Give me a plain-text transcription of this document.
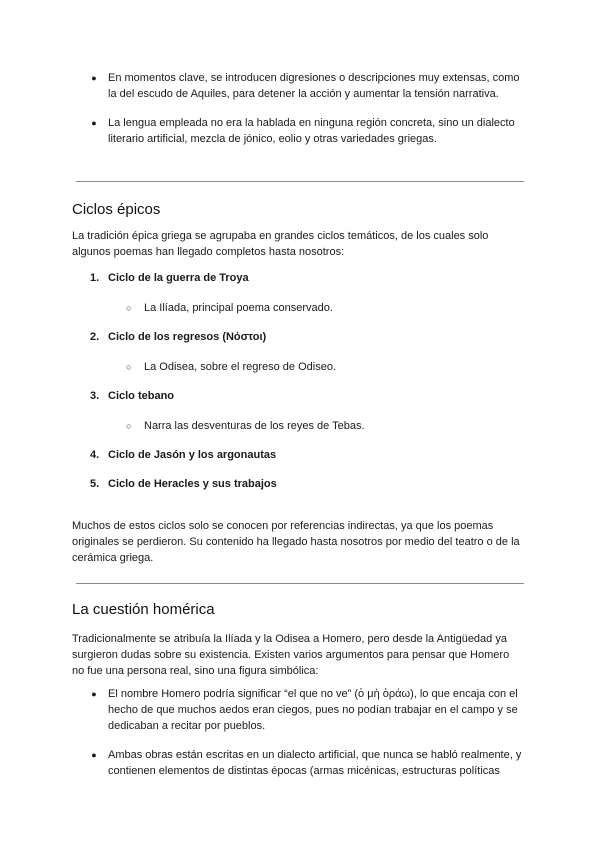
● En momentos clave, se introducen digresiones o descripciones muy extensas, como la del escudo de Aquiles, para detener la acción y aumentar la tensión narrativa.
● La lengua empleada no era la hablada en ninguna región concreta, sino un dialecto literario artificial, mezcla de jónico, eolio y otras variedades griegas.
Ciclos épicos
La tradición épica griega se agrupaba en grandes ciclos temáticos, de los cuales solo algunos poemas han llegado completos hasta nosotros:
1. Ciclo de la guerra de Troya
○ La Ilíada, principal poema conservado.
2. Ciclo de los regresos (Νόστοι)
○ La Odisea, sobre el regreso de Odiseo.
3. Ciclo tebano
○ Narra las desventuras de los reyes de Tebas.
4. Ciclo de Jasón y los argonautas
5. Ciclo de Heracles y sus trabajos
Muchos de estos ciclos solo se conocen por referencias indirectas, ya que los poemas originales se perdieron. Su contenido ha llegado hasta nosotros por medio del teatro o de la cerámica griega.
La cuestión homérica
Tradicionalmente se atribuía la Ilíada y la Odisea a Homero, pero desde la Antigüedad ya surgieron dudas sobre su existencia. Existen varios argumentos para pensar que Homero no fue una persona real, sino una figura simbólica:
● El nombre Homero podría significar “el que no ve” (ὁ μὴ ὁράω), lo que encaja con el hecho de que muchos aedos eran ciegos, pues no podían trabajar en el campo y se dedicaban a recitar por pueblos.
● Ambas obras están escritas en un dialecto artificial, que nunca se habló realmente, y contienen elementos de distintas épocas (armas micénicas, estructuras políticas
